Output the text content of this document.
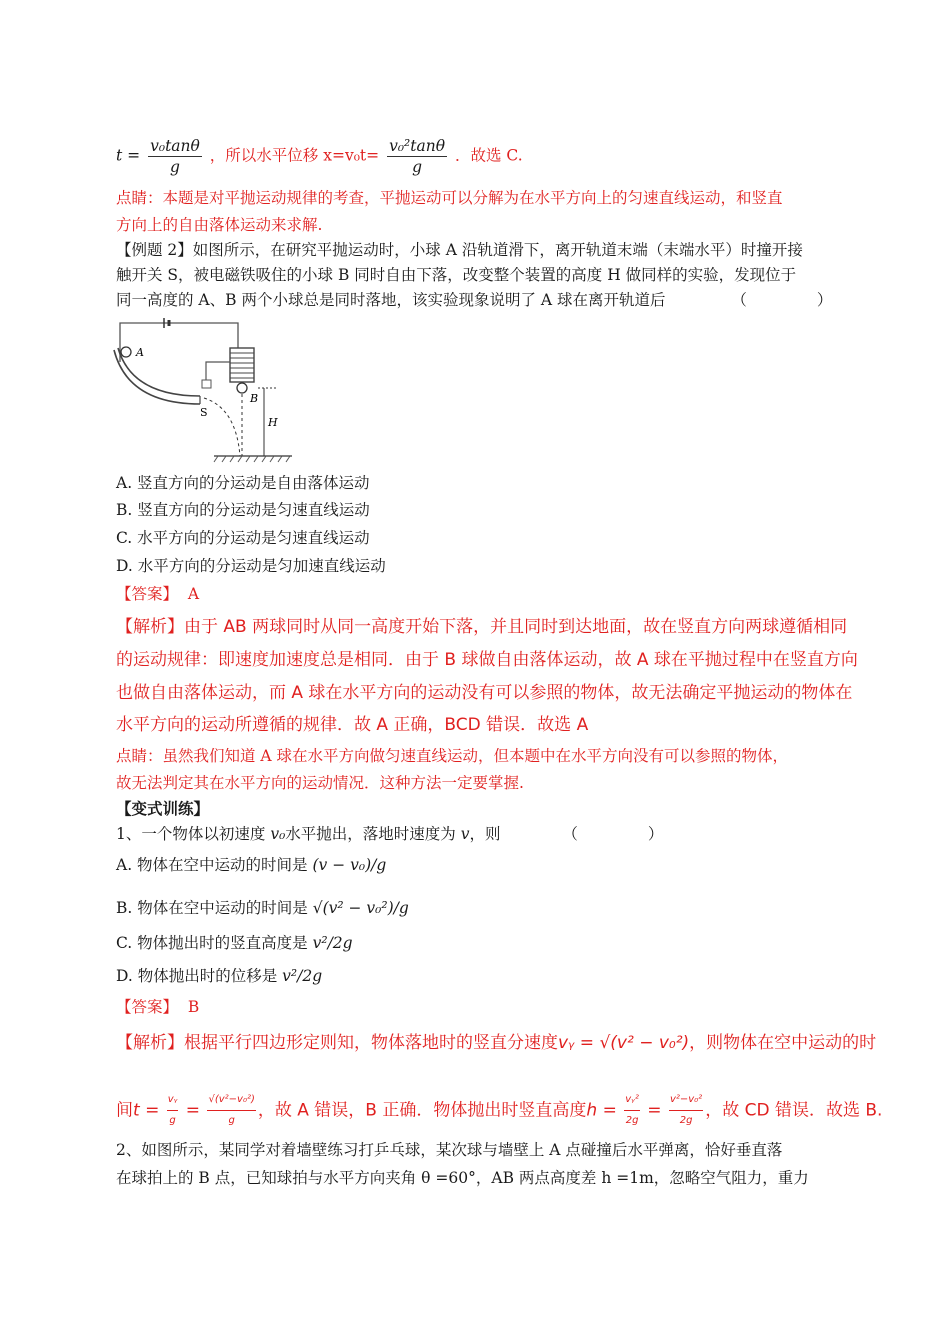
$t = \frac{\text{v₀tanθ}}{g}$ ，所以水平位移 $x=v_0t= \frac{\text{v₀²tanθ}}{g}$ ．故选 C.
点睛：本题是对平抛运动规律的考查，平抛运动可以分解为在水平方向上的匀速直线运动，和竖直
方向上的自由落体运动来求解.
【例题 2】如图所示，在研究平抛运动时，小球 A 沿轨道滑下，离开轨道末端（末端水平）时撞开接
触开关 S，被电磁铁吸住的小球 B 同时自由下落，改变整个装置的高度 H 做同样的实验，发现位于
同一高度的 A、B 两个小球总是同时落地，该实验现象说明了 A 球在离开轨道后	（	）
A
S
B
H
A. 竖直方向的分运动是自由落体运动
B. 竖直方向的分运动是匀速直线运动
C. 水平方向的分运动是匀速直线运动
D. 水平方向的分运动是匀加速直线运动
【答案】 A
【解析】由于 AB 两球同时从同一高度开始下落，并且同时到达地面，故在竖直方向两球遵循相同
的运动规律：即速度加速度总是相同．由于 B 球做自由落体运动，故 A 球在平抛过程中在竖直方向
也做自由落体运动，而 A 球在水平方向的运动没有可以参照的物体，故无法确定平抛运动的物体在
水平方向的运动所遵循的规律．故 A 正确，BCD 错误．故选 A
点睛：虽然我们知道 A 球在水平方向做匀速直线运动，但本题中在水平方向没有可以参照的物体，
故无法判定其在水平方向的运动情况．这种方法一定要掌握.
【变式训练】
1、一个物体以初速度 v₀水平抛出，落地时速度为 v，则	（	）
A. 物体在空中运动的时间是 (v − v₀)/g
B. 物体在空中运动的时间是 √(v² − v₀²)/g
C. 物体抛出时的竖直高度是 v²/2g
D. 物体抛出时的位移是 v²/2g
【答案】 B
【解析】根据平行四边形定则知，物体落地时的竖直分速度vᵧ = √(v² − v₀²)，则物体在空中运动的时
间$t = \frac{\text{vᵧ}}{g} = \frac{\text{√(v²−v₀²)}}{g}$ ，故 A 错误，B 正确．物体抛出时竖直高度$h = \frac{\text{vᵧ²}}{2g} = \frac{\text{v²−v₀²}}{2g}$ ，故 CD 错误．故选 B.
2、如图所示，某同学对着墙壁练习打乒乓球，某次球与墙壁上 A 点碰撞后水平弹离，恰好垂直落
在球拍上的 B 点，已知球拍与水平方向夹角 θ =60°，AB 两点高度差 h =1m，忽略空气阻力，重力
